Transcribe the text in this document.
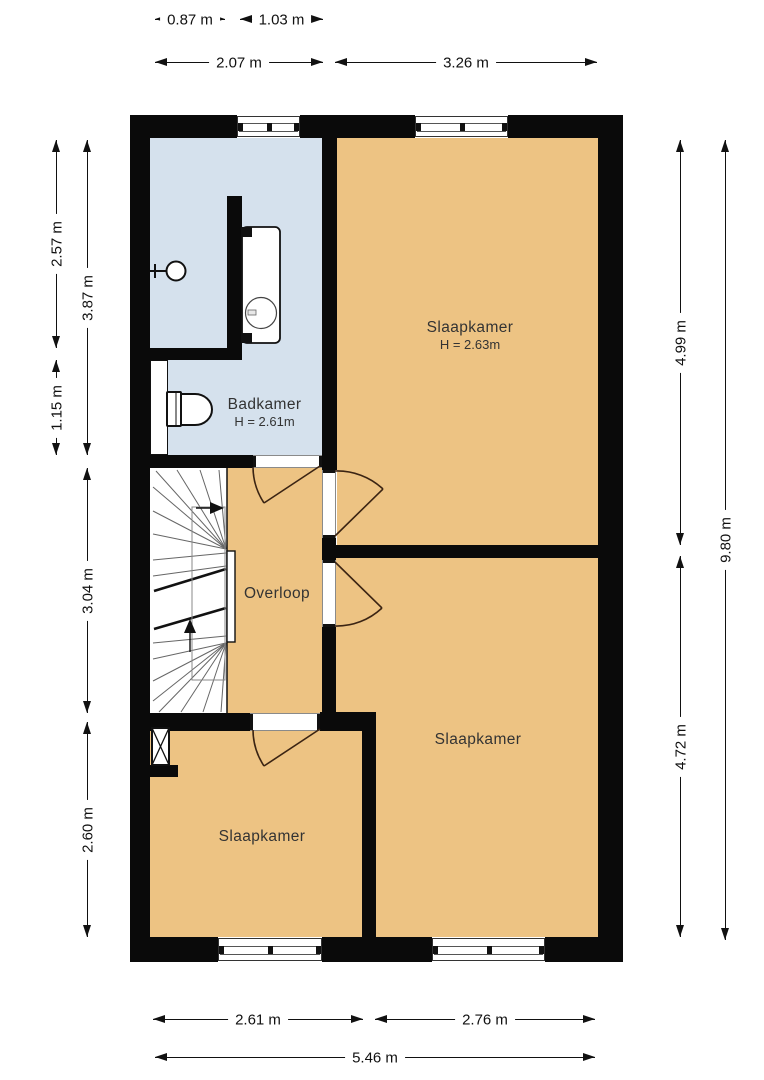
Slaapkamer
H = 2.63m
Badkamer
H = 2.61m
Overloop
Slaapkamer
Slaapkamer
0.87 m	1.03 m
2.07 m	3.26 m
2.61 m	2.76 m
5.46 m
2.57 m
1.15 m
3.87 m
3.04 m
2.60 m
4.99 m
4.72 m
9.80 m
